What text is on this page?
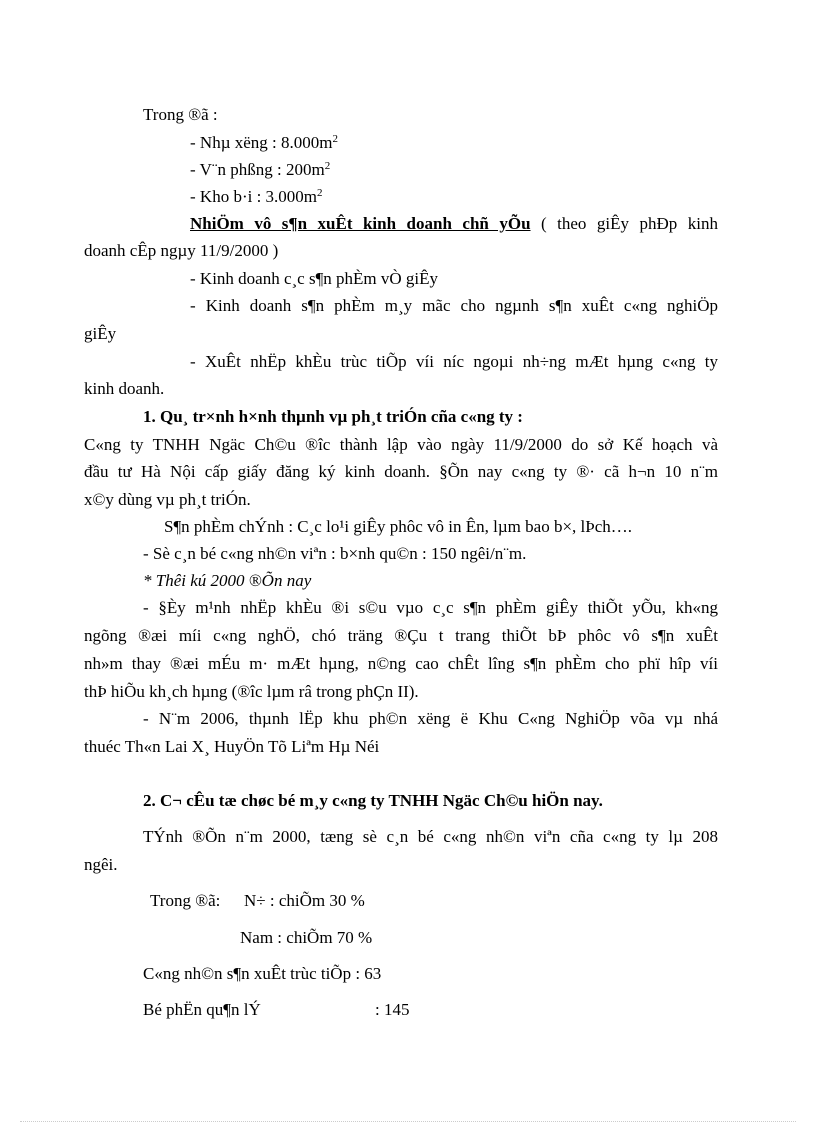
Trong ®ã :
- Nhµ xëng : $8.000m^2$
- V¨n phßng : $200m^2$
- Kho b·i : $3.000m^2$
NhiÖm vô s¶n xuÊt kinh doanh chñ yÕu ( theo giÊy phÐp kinh
doanh cÊp ngµy 11/9/2000 )
- Kinh doanh c¸c s¶n phÈm vÒ giÊy
- Kinh doanh s¶n phÈm m¸y mãc cho ngµnh s¶n xuÊt c«ng nghiÖp
giÊy
- XuÊt nhËp khÈu trùc tiÕp víi níc ngoµi nh÷ng mÆt hµng c«ng ty
kinh doanh.
1. Qu¸ tr×nh h×nh thµnh vµ ph¸t triÓn cña c«ng ty :
C«ng ty TNHH Ngäc Ch©u ®îc thành lập vào ngày 11/9/2000 do sở Kế hoạch và
đầu tư Hà Nội cấp giấy đăng ký kinh doanh. §Õn nay c«ng ty ®· cã h¬n 10 n¨m
x©y dùng vµ ph¸t triÓn.
S¶n phÈm chÝnh : C¸c lo¹i giÊy phôc vô in Ên, lµm bao b×, lÞch….
- Sè c¸n bé c«ng nh©n viªn : b×nh qu©n : 150 ngêi/n¨m.
* Thêi kú 2000 ®Õn nay
- §Èy m¹nh nhËp khÈu ®i s©u vµo c¸c s¶n phÈm giÊy thiÕt yÕu, kh«ng
ngõng ®æi míi c«ng nghÖ, chó träng ®Çu t trang thiÕt bÞ phôc vô s¶n xuÊt
nh»m thay ®æi mÉu m· mÆt hµng, n©ng cao chÊt lîng s¶n phÈm cho phï hîp víi
thÞ hiÕu kh¸ch hµng (®îc lµm râ trong phÇn II).
- N¨m 2006, thµnh lËp khu ph©n xëng ë Khu C«ng NghiÖp võa vµ nhá
thuéc Th«n Lai X¸ HuyÖn Tõ Liªm Hµ Néi
2. C¬ cÊu tæ chøc bé m¸y c«ng ty TNHH Ngäc Ch©u hiÖn nay.
TÝnh ®Õn n¨m 2000, tæng sè c¸n bé c«ng nh©n viªn cña c«ng ty lµ 208
ngêi.
Trong ®ã: N÷ : chiÕm 30 %
Nam : chiÕm 70 %
C«ng nh©n s¶n xuÊt trùc tiÕp : 63
Bé phËn qu¶n lÝ	: 145
